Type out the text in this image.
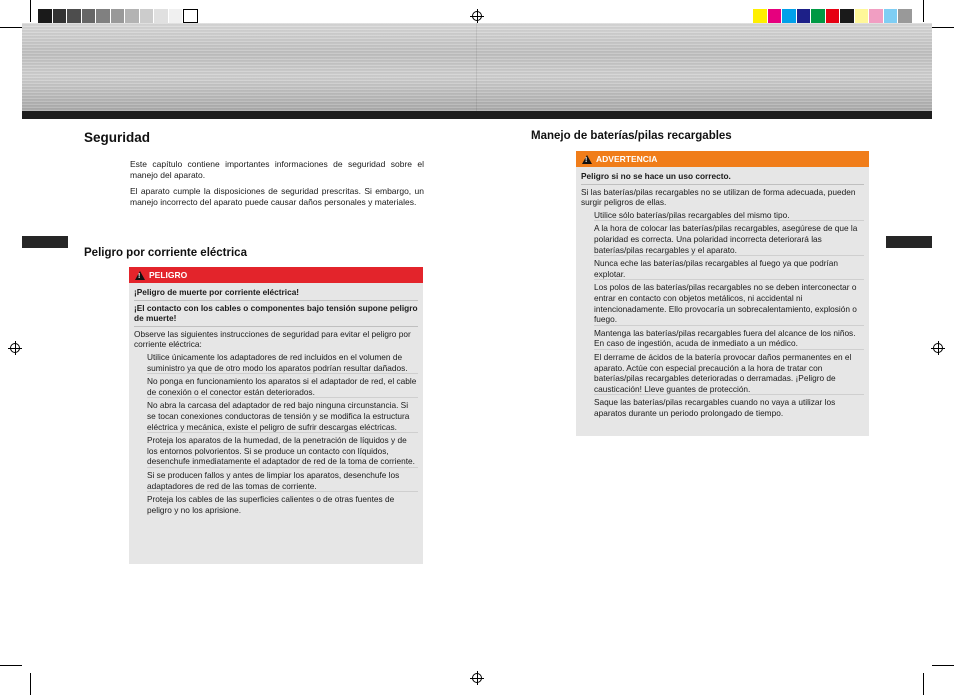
Seguridad

Este capítulo contiene importantes informaciones de seguridad sobre el manejo del aparato.

El aparato cumple la disposiciones de seguridad prescritas. Si embargo, un manejo incorrecto del aparato puede causar daños personales y materiales.

Peligro por corriente eléctrica
!
PELIGRO
¡Peligro de muerte por corriente eléctrica!
¡El contacto con los cables o componentes bajo tensión supone peligro de muerte!
Observe las siguientes instrucciones de seguridad para evitar el peligro por corriente eléctrica:
Utilice únicamente los adaptadores de red incluidos en el volumen de suministro ya que de otro modo los aparatos podrían resultar dañados.
No ponga en funcionamiento los aparatos si el adaptador de red, el cable de conexión o el conector están deteriorados.
No abra la carcasa del adaptador de red bajo ninguna circunstancia. Si se tocan conexiones conductoras de tensión y se modifica la estructura eléctrica y mecánica, existe el peligro de sufrir descargas eléctricas.
Proteja los aparatos de la humedad, de la penetración de líquidos y de los entornos polvorientos. Si se produce un contacto con líquidos, desenchufe inmediatamente el adaptador de red de la toma de corriente.
Si se producen fallos y antes de limpiar los aparatos, desenchufe los adaptadores de red de las tomas de corriente.
Proteja los cables de las superficies calientes o de otras fuentes de peligro y no los aprisione.
Manejo de baterías/pilas recargables
!
ADVERTENCIA
Peligro si no se hace un uso correcto.
Si las baterías/pilas recargables no se utilizan de forma adecuada, pueden surgir peligros de ellas.
Utilice sólo baterías/pilas recargables del mismo tipo.
A la hora de colocar las baterías/pilas recargables, asegúrese de que la polaridad es correcta. Una polaridad incorrecta deteriorará las baterías/pilas recargables y el aparato.
Nunca eche las baterías/pilas recargables al fuego ya que podrían explotar.
Los polos de las baterías/pilas recargables no se deben interconectar o entrar en contacto con objetos metálicos, ni accidental ni intencionadamente. Ello provocaría un sobrecalentamiento, explosión o fuego.
Mantenga las baterías/pilas recargables fuera del alcance de los niños. En caso de ingestión, acuda de inmediato a un médico.
El derrame de ácidos de la batería provocar daños permanentes en el aparato. Actúe con especial precaución a la hora de tratar con baterías/pilas recargables deterioradas o derramadas. ¡Peligro de causticación! Lleve guantes de protección.
Saque las baterías/pilas recargables cuando no vaya a utilizar los aparatos durante un periodo prolongado de tiempo.
